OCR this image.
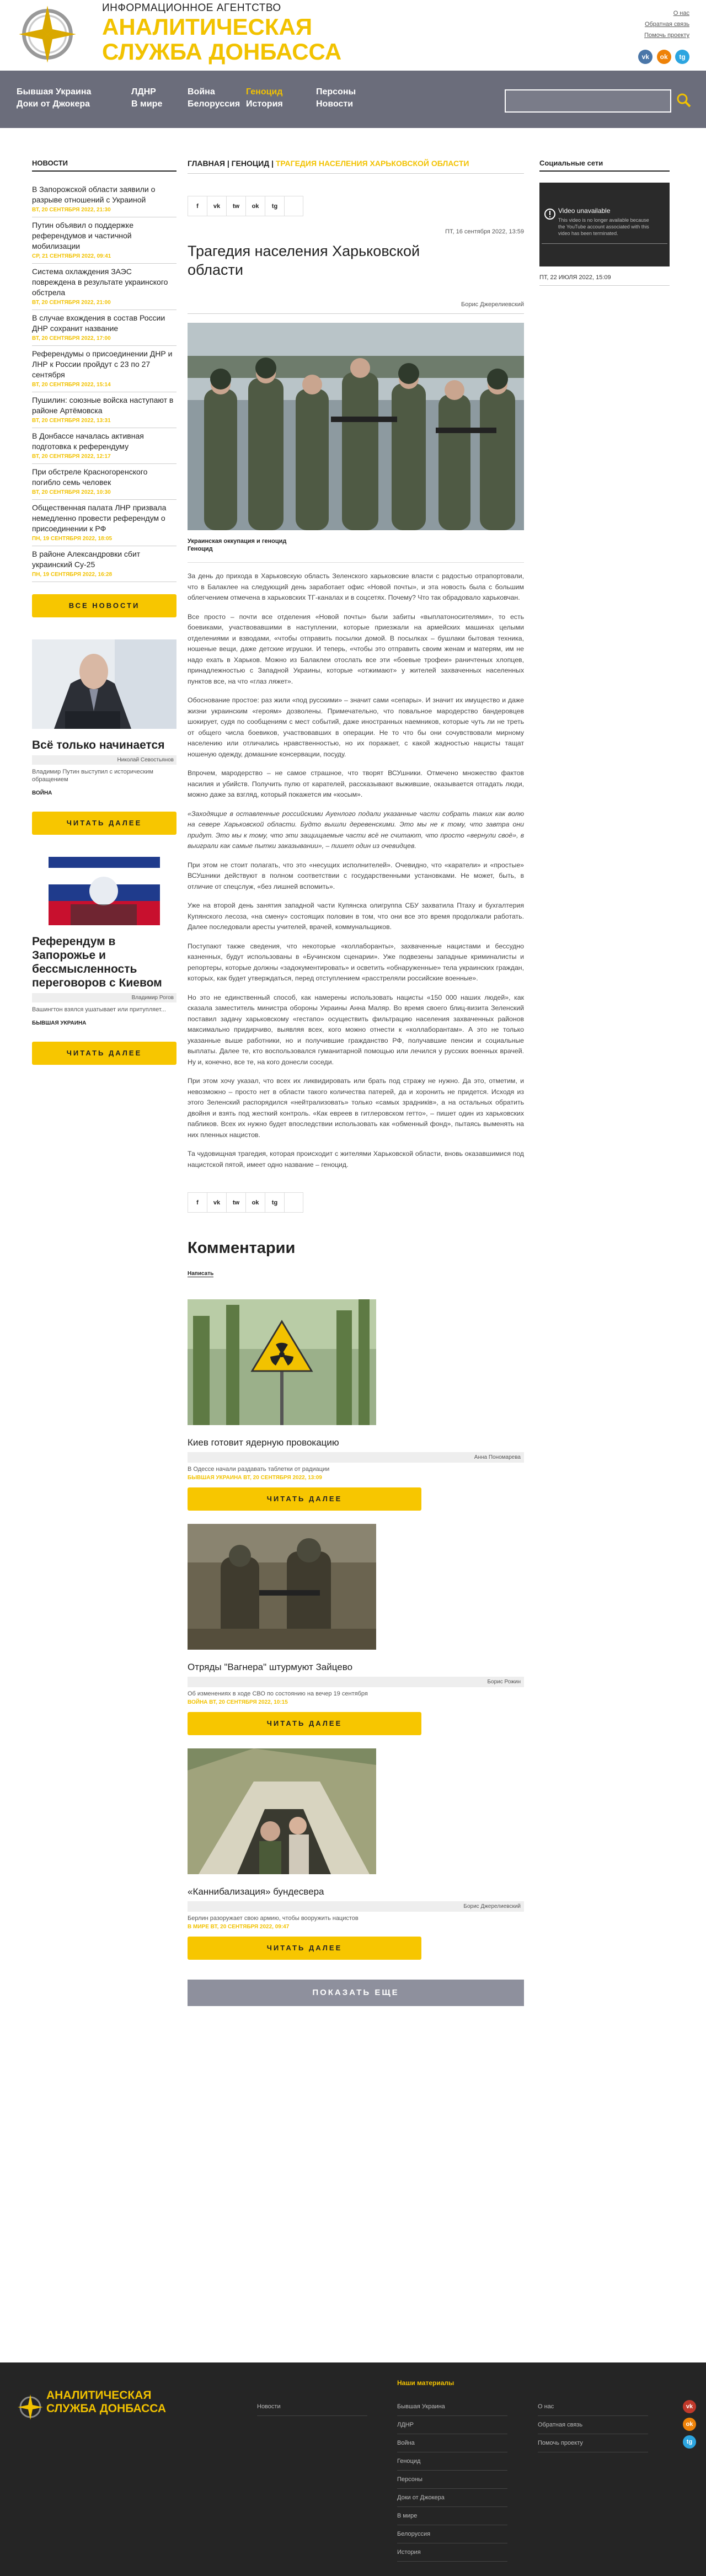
ИНФОРМАЦИОННОЕ АГЕНТСТВО
АНАЛИТИЧЕСКАЯ
СЛУЖБА ДОНБАССА
О нас
Обратная связь
Помочь проекту
Бывшая Украина
Доки от Джокера
ЛДНР
В мире
Война
Белоруссия
Геноцид
История
Персоны
Новости
vk ok tg
НОВОСТИ
В Запорожской области заявили о разрыве отношений с Украиной
ВТ, 20 СЕНТЯБРЯ 2022, 21:30
Путин объявил о поддержке референдумов и частичной мобилизации
СР, 21 СЕНТЯБРЯ 2022, 09:41
Система охлаждения ЗАЭС повреждена в результате украинского обстрела
ВТ, 20 СЕНТЯБРЯ 2022, 21:00
В случае вхождения в состав России ДНР сохранит название
ВТ, 20 СЕНТЯБРЯ 2022, 17:00
Референдумы о присоединении ДНР и ЛНР к России пройдут с 23 по 27 сентября
ВТ, 20 СЕНТЯБРЯ 2022, 15:14
Пушилин: союзные войска наступают в районе Артёмовска
ВТ, 20 СЕНТЯБРЯ 2022, 13:31
В Донбассе началась активная подготовка к референдуму
ВТ, 20 СЕНТЯБРЯ 2022, 12:17
При обстреле Красногоренского погибло семь человек
ВТ, 20 СЕНТЯБРЯ 2022, 10:30
Общественная палата ЛНР призвала немедленно провести референдум о присоединении к РФ
ПН, 19 СЕНТЯБРЯ 2022, 18:05
В районе Александровки сбит украинский Су-25
ПН, 19 СЕНТЯБРЯ 2022, 16:28
ВСЕ НОВОСТИ
Всё только начинается
Николай Севостьянов
Владимир Путин выступил с историческим обращением
ВОЙНА
ЧИТАТЬ ДАЛЕЕ
Референдум в Запорожье и бессмысленность переговоров с Киевом
Владимир Рогов
Вашингтон взялся ушатывает или притупляет...
БЫВШАЯ УКРАИНА
ЧИТАТЬ ДАЛЕЕ
ГЛАВНАЯ | ГЕНОЦИД | ТРАГЕДИЯ НАСЕЛЕНИЯ ХАРЬКОВСКОЙ ОБЛАСТИ
f	vk	tw	ok	tg
ПТ, 16 сентября 2022, 13:59
Трагедия населения Харьковской области
Борис Джерелиевский
Украинская оккупация и геноцид
Геноцид

За день до прихода в Харьковскую область Зеленского харьковские власти с радостью отрапортовали, что в Балаклее на следующий день заработает офис «Новой почты», и эта новость была с большим облегчением отмечена в харьковских ТГ-каналах и в соцсетях. Почему? Что так обрадовало харьковчан.

Все просто – почти все отделения «Новой почты» были забиты «выплатоносителями», то есть боевиками, участвовавшими в наступлении, которые приезжали на армейских машинах целыми отделениями и взводами, «чтобы отправить посылки домой. В посылках – бушлаки бытовая техника, ношеные вещи, даже детские игрушки. И теперь, «чтобы это отправить своим женам и матерям, им не надо ехать в Харьков. Можно из Балаклеи отослать все эти «боевые трофеи» раничтеных хлопцев, принадлежностью с Западной Украины, которые «отжимают» у жителей захваченных населенных пунктов все, на что «глаз ляжет».

Обоснование простое: раз жили «под русскими» – значит сами «сепары». И значит их имущество и даже жизни украинским «героям» дозволены. Примечательно, что повальное мародерство бандеровцев шокирует, судя по сообщениям с мест событий, даже иностранных наемников, которые чуть ли не треть от общего числа боевиков, участвовавших в операции. Не то что бы они сочувствовали мирному населению или отличались нравственностью, но их поражает, с какой жадностью нацисты тащат ношеную одежду, домашние консервации, посуду.

Впрочем, мародерство – не самое страшное, что творят ВСУшники. Отмечено множество фактов насилия и убийств. Получить пулю от карателей, рассказывают выжившие, оказывается отгадать люди, можно даже за взгляд, который покажется им «косым».

«Заходящие в оставленные российскими Ауенлого подали указанные части собрать таких как волю на севере Харьковской области. Будто вышли деревенскими. Это мы не к тому, что завтра они придут. Это мы к тому, что эти защищаемые части всё не считают, что просто «вернули своё», в выиграли как самые пытки заказывании», – пишет один из очевидцев.

При этом не стоит полагать, что это «несущих исполнителей». Очевидно, что «каратели» и «простые» ВСУшники действуют в полном соответствии с государственными установками. Не может, быть, в отличие от спецслуж, «без лишней вспомить».

Уже на второй день занятия западной части Купянска олигруппа СБУ захватила Птаху и бухгалтерия Купянского лесоза, «на смену» состоящих половин в том, что они все это время продолжали работать. Далее последовали аресты учителей, врачей, коммунальщиков.

Поступают также сведения, что некоторые «коллаборанты», захваченные нацистами и бессудно казненных, будут использованы в «Бучинском сценарии». Уже подвезены западные криминалисты и репортеры, которые должны «задокументировать» и осветить «обнаруженные» тела украинских граждан, которых, как будет утверждаться, перед отступлением «расстреляли российские военные».

Но это не единственный способ, как намерены использовать нацисты «150 000 наших людей», как сказала заместитель министра обороны Украины Анна Маляр. Во время своего блиц-визита Зеленский поставил задачу харьковскому «гестапо» осуществить фильтрацию населения захваченных районов максимально придирчиво, выявляя всех, кого можно отнести к «коллаборантам». А это не только указанные выше работники, но и получившие гражданство РФ, получавшие пенсии и социальные выплаты. Далее те, кто воспользовался гуманитарной помощью или лечился у русских военных врачей. Ну и, конечно, все те, на кого донесли соседи.

При этом хочу указал, что всех их ликвидировать или брать под стражу не нужно. Да это, отметим, и невозможно – просто нет в области такого количества патерей, да и хоронить не придется. Исходя из этого Зеленский распорядился «нейтрализовать» только «самых зрадників», а на остальных обратить двойня и взять под жесткий контроль. «Как евреев в гитлеровском гетто», – пишет один из харьковских пабликов. Всех их нужно будет впоследствии использовать как «обменный фонд», пытаясь выменять на них пленных нацистов.

Та чудовищная трагедия, которая происходит с жителями Харьковской области, вновь оказавшимися под нацистской пятой, имеет одно название – геноцид.

f	vk	tw	ok	tg
Комментарии
Написать
Киев готовит ядерную провокацию
Анна Пономарева
В Одессе начали раздавать таблетки от радиации
БЫВШАЯ УКРАИНА ВТ, 20 СЕНТЯБРЯ 2022, 13:09
ЧИТАТЬ ДАЛЕЕ
Отряды "Вагнера" штурмуют Зайцево
Борис Рожин
Об изменениях в ходе СВО по состоянию на вечер 19 сентября
ВОЙНА ВТ, 20 СЕНТЯБРЯ 2022, 10:15
ЧИТАТЬ ДАЛЕЕ
«Каннибализация» бундесвера
Борис Джерелиевский
Берлин разоружает свою армию, чтобы вооружить нацистов
В МИРЕ ВТ, 20 СЕНТЯБРЯ 2022, 09:47
ЧИТАТЬ ДАЛЕЕ
ПОКАЗАТЬ ЕЩЕ
Социальные сети
Video unavailable
This video is no longer available because the YouTube account associated with this video has been terminated.
ПТ, 22 ИЮЛЯ 2022, 15:09
АНАЛИТИЧЕСКАЯ
СЛУЖБА ДОНБАССА	Новости
Наши материалы
Бывшая Украина
ЛДНР
Война
Геноцид
Персоны
Доки от Джокера
В мире
Белоруссия
История
О нас
Обратная связь
Помочь проекту
vk
ok
tg
